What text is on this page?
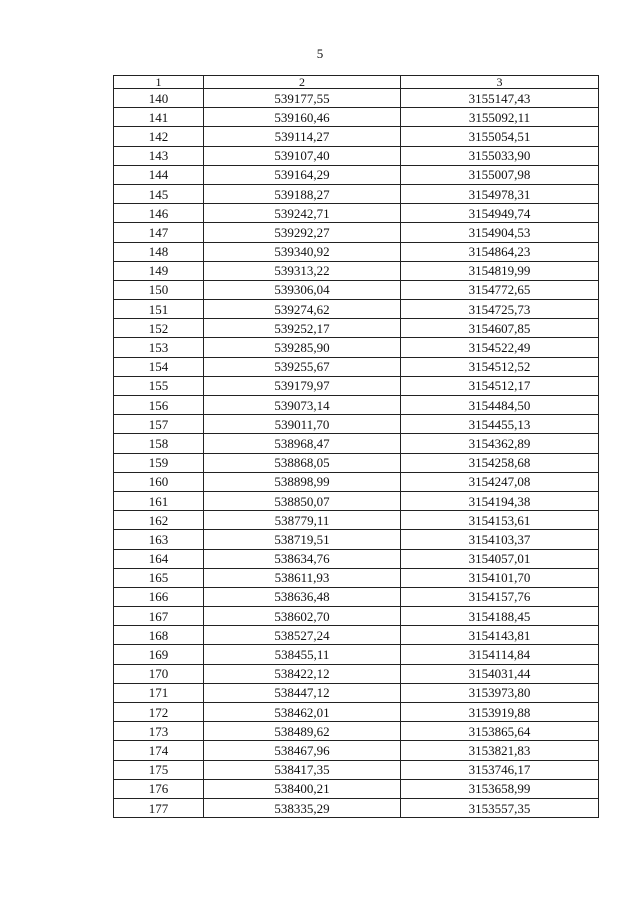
5
1	2	3
140	539177,55	3155147,43
141	539160,46	3155092,11
142	539114,27	3155054,51
143	539107,40	3155033,90
144	539164,29	3155007,98
145	539188,27	3154978,31
146	539242,71	3154949,74
147	539292,27	3154904,53
148	539340,92	3154864,23
149	539313,22	3154819,99
150	539306,04	3154772,65
151	539274,62	3154725,73
152	539252,17	3154607,85
153	539285,90	3154522,49
154	539255,67	3154512,52
155	539179,97	3154512,17
156	539073,14	3154484,50
157	539011,70	3154455,13
158	538968,47	3154362,89
159	538868,05	3154258,68
160	538898,99	3154247,08
161	538850,07	3154194,38
162	538779,11	3154153,61
163	538719,51	3154103,37
164	538634,76	3154057,01
165	538611,93	3154101,70
166	538636,48	3154157,76
167	538602,70	3154188,45
168	538527,24	3154143,81
169	538455,11	3154114,84
170	538422,12	3154031,44
171	538447,12	3153973,80
172	538462,01	3153919,88
173	538489,62	3153865,64
174	538467,96	3153821,83
175	538417,35	3153746,17
176	538400,21	3153658,99
177	538335,29	3153557,35
